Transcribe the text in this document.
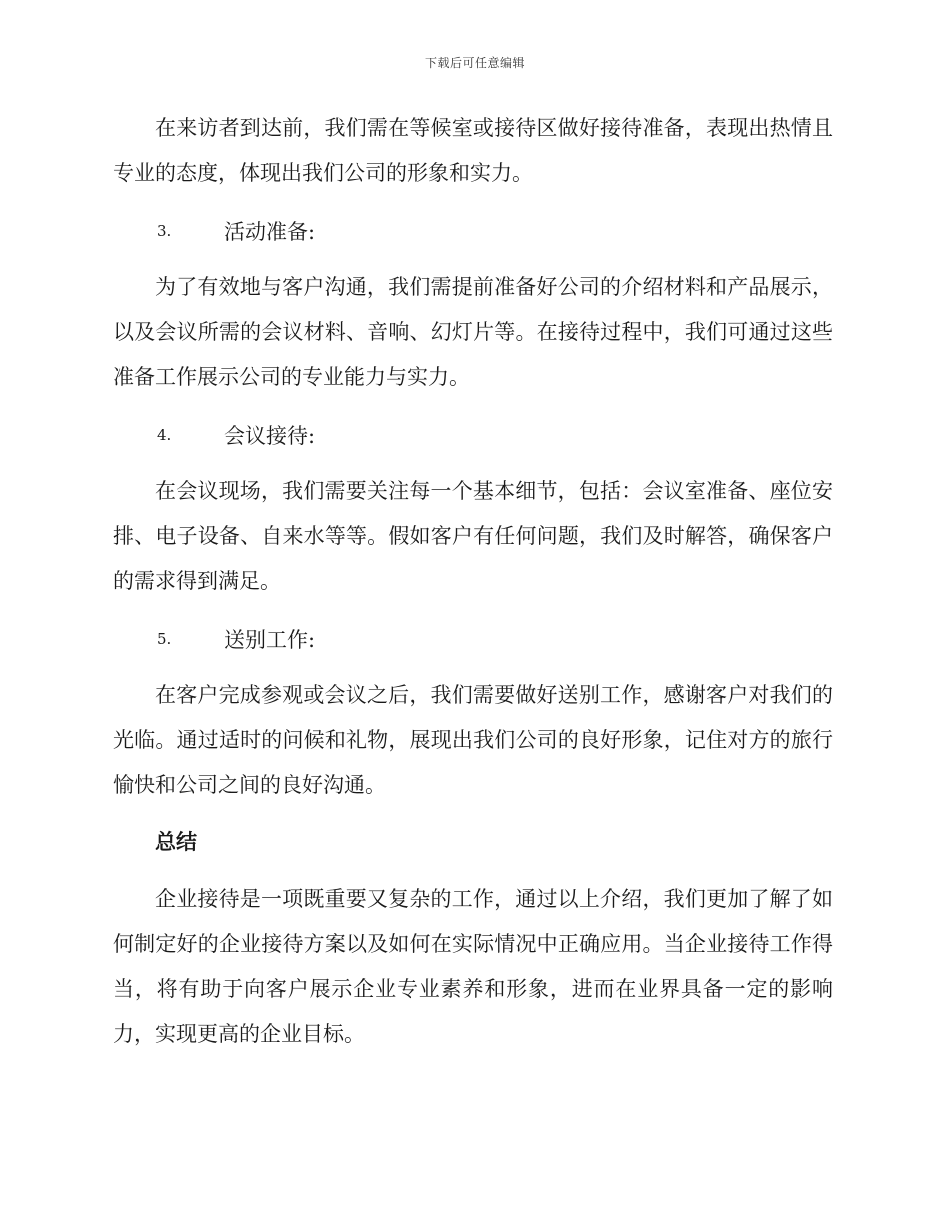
下载后可任意编辑

在来访者到达前，我们需在等候室或接待区做好接待准备，表现出热情且专业的态度，体现出我们公司的形象和实力。

3.	活动准备:

为了有效地与客户沟通，我们需提前准备好公司的介绍材料和产品展示，以及会议所需的会议材料、音响、幻灯片等。在接待过程中，我们可通过这些准备工作展示公司的专业能力与实力。

4.	会议接待:

在会议现场，我们需要关注每一个基本细节，包括：会议室准备、座位安排、电子设备、自来水等等。假如客户有任何问题，我们及时解答，确保客户的需求得到满足。

5.	送别工作:

在客户完成参观或会议之后，我们需要做好送别工作，感谢客户对我们的光临。通过适时的问候和礼物，展现出我们公司的良好形象，记住对方的旅行愉快和公司之间的良好沟通。

总结

企业接待是一项既重要又复杂的工作，通过以上介绍，我们更加了解了如何制定好的企业接待方案以及如何在实际情况中正确应用。当企业接待工作得当，将有助于向客户展示企业专业素养和形象，进而在业界具备一定的影响力，实现更高的企业目标。
